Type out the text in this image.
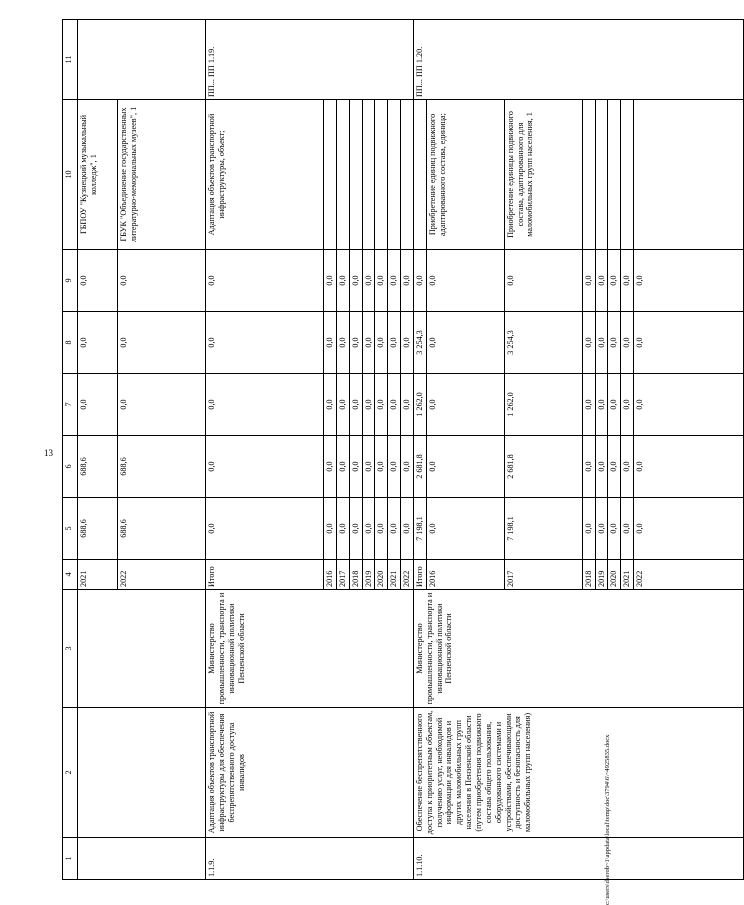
13
c:\users\dserob~1\appdata\local\temp\doc\3794\6\~4925835.docx
1	2	3	4	5	6	7	8	9	10	11
			2021	688,6	688,6	0,0	0,0	0,0	ГБПОУ "Кузнецкий музыкальный колледж", 1	
			2022	688,6	688,6	0,0	0,0	0,0	ГБУК "Объединение государственных литературно-мемориальных музеев", 1	
1.1.9.	Адаптация объектов транспортной инфраструктуры для обеспечения беспрепятственного доступа инвалидов	Министерство промышленности, транспорта и инновационной политики Пензенской области	Итого	0,0	0,0	0,0	0,0	0,0	Адаптация объектов транспортной инфраструктуры, объект;	ПП... ПП 1.19.
			2016	0,0	0,0	0,0	0,0	0,0		
			2017	0,0	0,0	0,0	0,0	0,0		
			2018	0,0	0,0	0,0	0,0	0,0		
			2019	0,0	0,0	0,0	0,0	0,0		
			2020	0,0	0,0	0,0	0,0	0,0		
			2021	0,0	0,0	0,0	0,0	0,0		
			2022	0,0	0,0	0,0	0,0	0,0		
1.1.10.	Обеспечение беспрепятственного доступа к приоритетным объектам, получению услуг, необходимой информации для инвалидов и других маломобильных групп населения в Пензенской области (путем приобретения подвижного состава общего пользования, оборудованного системами и устройствами, обеспечивающими доступность и безопасность для маломобильных групп населения)	Министерство промышленности, транспорта и инновационной политики Пензенской области	Итого	7 198,1	2 681,8	1 262,0	3 254,3	0,0		ПП... ПП 1.20.
			2016	0,0	0,0	0,0	0,0	0,0	Приобретение единиц подвижного адаптированного состава, единица;	
			2017	7 198,1	2 681,8	1 262,0	3 254,3	0,0	Приобретение единицы подвижного состава, адаптированного для маломобильных групп населения, 1	
			2018	0,0	0,0	0,0	0,0	0,0		
			2019	0,0	0,0	0,0	0,0	0,0		
			2020	0,0	0,0	0,0	0,0	0,0		
			2021	0,0	0,0	0,0	0,0	0,0		
			2022	0,0	0,0	0,0	0,0	0,0		
